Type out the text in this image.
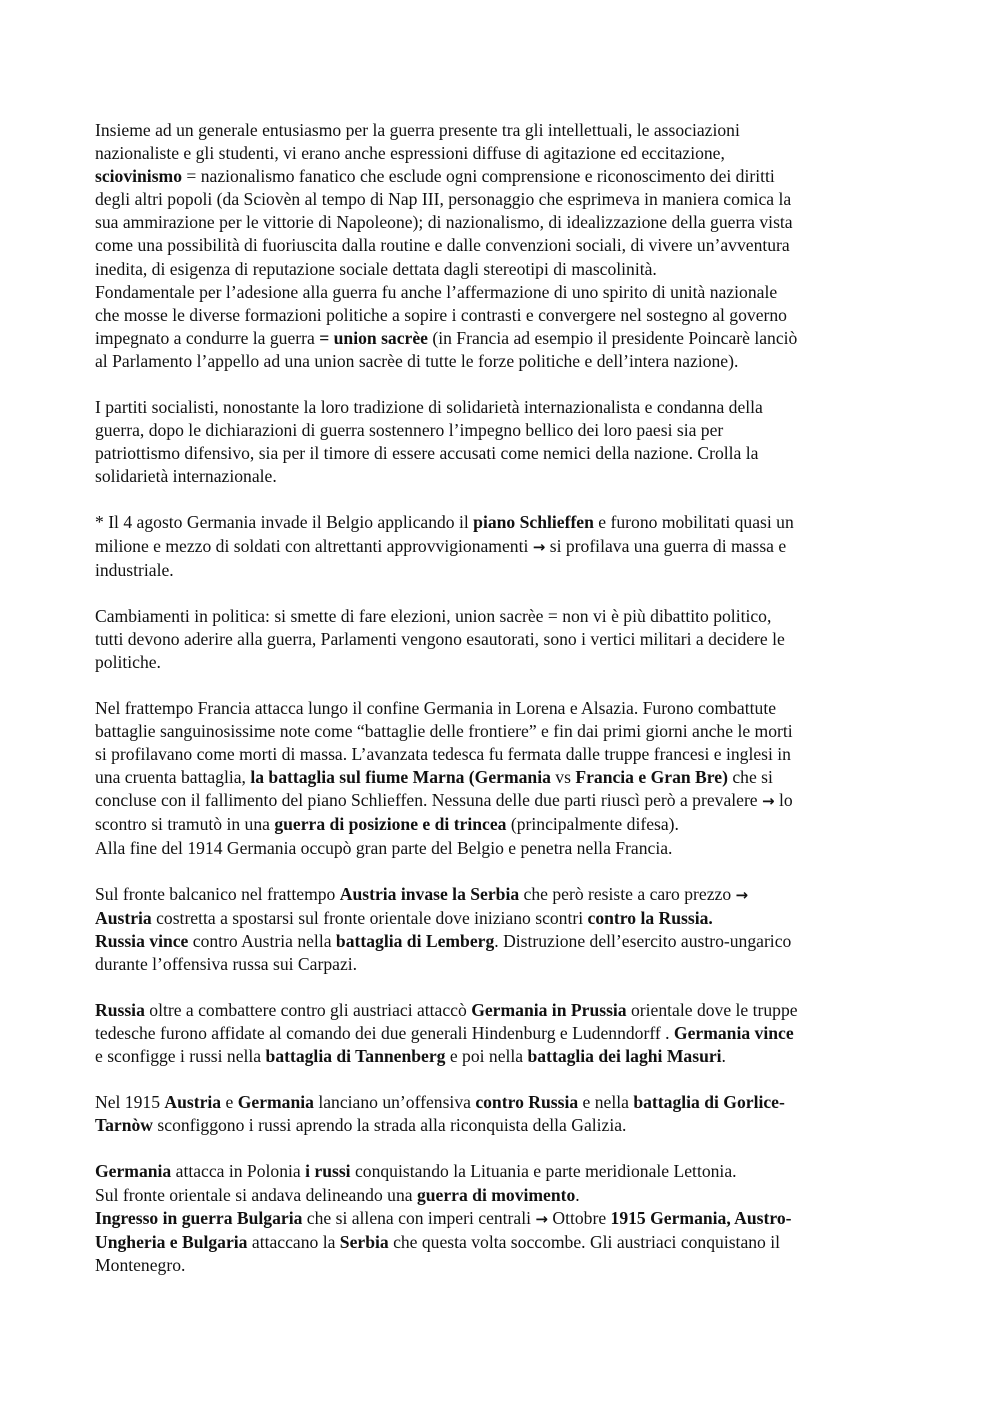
Insieme ad un generale entusiasmo per la guerra presente tra gli intellettuali, le associazioni
nazionaliste e gli studenti, vi erano anche espressioni diffuse di agitazione ed eccitazione,
sciovinismo = nazionalismo fanatico che esclude ogni comprensione e riconoscimento dei diritti
degli altri popoli (da Sciovèn al tempo di Nap III, personaggio che esprimeva in maniera comica la
sua ammirazione per le vittorie di Napoleone); di nazionalismo, di idealizzazione della guerra vista
come una possibilità di fuoriuscita dalla routine e dalle convenzioni sociali, di vivere un’avventura
inedita, di esigenza di reputazione sociale dettata dagli stereotipi di mascolinità.
Fondamentale per l’adesione alla guerra fu anche l’affermazione di uno spirito di unità nazionale
che mosse le diverse formazioni politiche a sopire i contrasti e convergere nel sostegno al governo
impegnato a condurre la guerra = union sacrèe (in Francia ad esempio il presidente Poincarè lanciò
al Parlamento l’appello ad una union sacrèe di tutte le forze politiche e dell’intera nazione).
I partiti socialisti, nonostante la loro tradizione di solidarietà internazionalista e condanna della
guerra, dopo le dichiarazioni di guerra sostennero l’impegno bellico dei loro paesi sia per
patriottismo difensivo, sia per il timore di essere accusati come nemici della nazione. Crolla la
solidarietà internazionale.
* Il 4 agosto Germania invade il Belgio applicando il piano Schlieffen e furono mobilitati quasi un
milione e mezzo di soldati con altrettanti approvvigionamenti → si profilava una guerra di massa e
industriale.
Cambiamenti in politica: si smette di fare elezioni, union sacrèe = non vi è più dibattito politico,
tutti devono aderire alla guerra, Parlamenti vengono esautorati, sono i vertici militari a decidere le
politiche.
Nel frattempo Francia attacca lungo il confine Germania in Lorena e Alsazia. Furono combattute
battaglie sanguinosissime note come “battaglie delle frontiere” e fin dai primi giorni anche le morti
si profilavano come morti di massa. L’avanzata tedesca fu fermata dalle truppe francesi e inglesi in
una cruenta battaglia, la battaglia sul fiume Marna (Germania vs Francia e Gran Bre) che si
concluse con il fallimento del piano Schlieffen. Nessuna delle due parti riuscì però a prevalere → lo
scontro si tramutò in una guerra di posizione e di trincea (principalmente difesa).
Alla fine del 1914 Germania occupò gran parte del Belgio e penetra nella Francia.
Sul fronte balcanico nel frattempo Austria invase la Serbia che però resiste a caro prezzo →
Austria costretta a spostarsi sul fronte orientale dove iniziano scontri contro la Russia.
Russia vince contro Austria nella battaglia di Lemberg. Distruzione dell’esercito austro-ungarico
durante l’offensiva russa sui Carpazi.
Russia oltre a combattere contro gli austriaci attaccò Germania in Prussia orientale dove le truppe
tedesche furono affidate al comando dei due generali Hindenburg e Ludenndorff . Germania vince
e sconfigge i russi nella battaglia di Tannenberg e poi nella battaglia dei laghi Masuri.
Nel 1915 Austria e Germania lanciano un’offensiva contro Russia e nella battaglia di Gorlice-
Tarnòw sconfiggono i russi aprendo la strada alla riconquista della Galizia.
Germania attacca in Polonia i russi conquistando la Lituania e parte meridionale Lettonia.
Sul fronte orientale si andava delineando una guerra di movimento.
Ingresso in guerra Bulgaria che si allena con imperi centrali → Ottobre 1915 Germania, Austro-
Ungheria e Bulgaria attaccano la Serbia che questa volta soccombe. Gli austriaci conquistano il
Montenegro.
